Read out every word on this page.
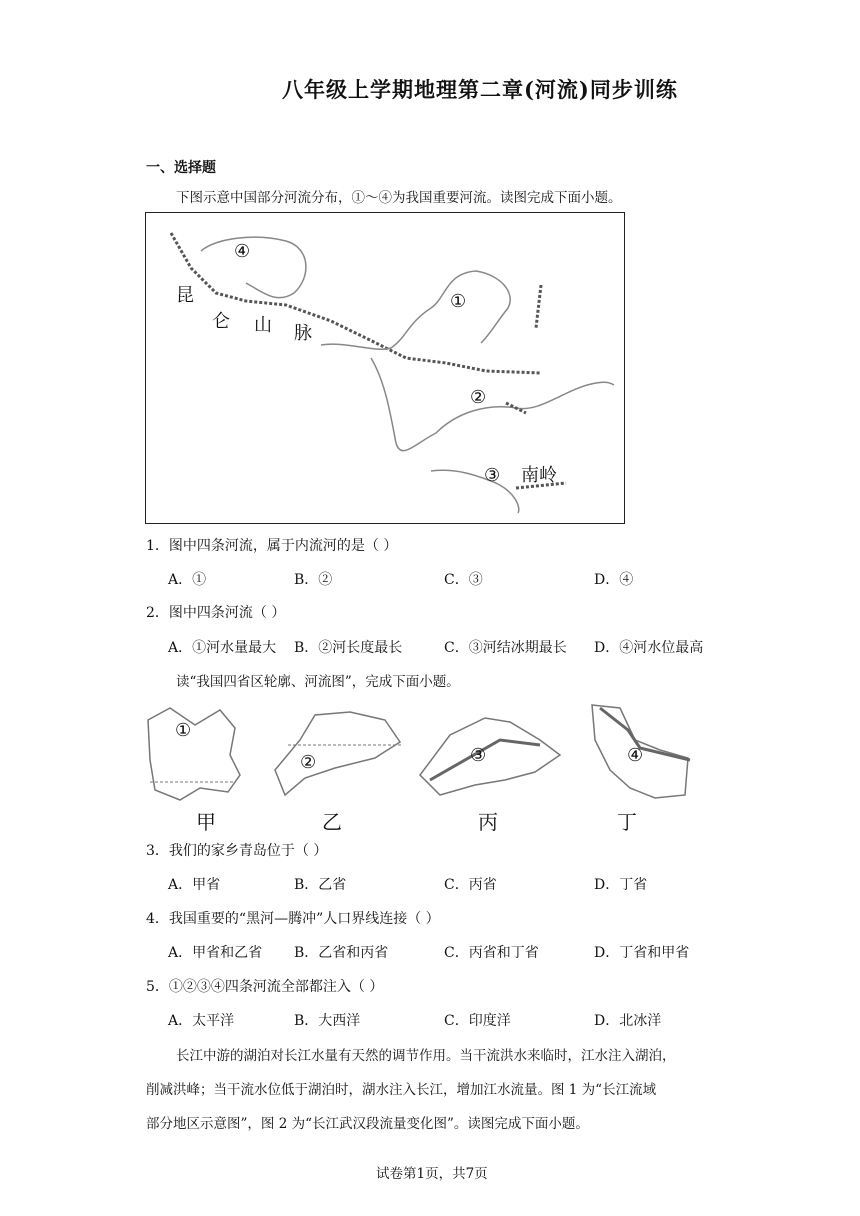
八年级上学期地理第二章(河流)同步训练
一、选择题
下图示意中国部分河流分布，①～④为我国重要河流。读图完成下面小题。
④
①
②
③
昆
仑 山 脉
南岭
1．图中四条河流，属于内流河的是（ ）
A．①	B．②	C．③	D．④
2．图中四条河流（ ）
A．①河水量最大 B．②河长度最长	C．③河结冰期最长 D．④河水位最高
读“我国四省区轮廓、河流图”，完成下面小题。
①
②	③	④
甲	乙	丙	丁
3．我们的家乡青岛位于（ ）
A．甲省	B．乙省	C．丙省	D．丁省
4．我国重要的“黑河—腾冲”人口界线连接（ ）
A．甲省和乙省 B．乙省和丙省	C．丙省和丁省	D．丁省和甲省
5．①②③④四条河流全部都注入（ ）
A．太平洋	B．大西洋	C．印度洋	D．北冰洋
长江中游的湖泊对长江水量有天然的调节作用。当干流洪水来临时，江水注入湖泊，
削减洪峰；当干流水位低于湖泊时，湖水注入长江，增加江水流量。图 1 为“长江流域
部分地区示意图”，图 2 为“长江武汉段流量变化图”。读图完成下面小题。
试卷第1页，共7页
